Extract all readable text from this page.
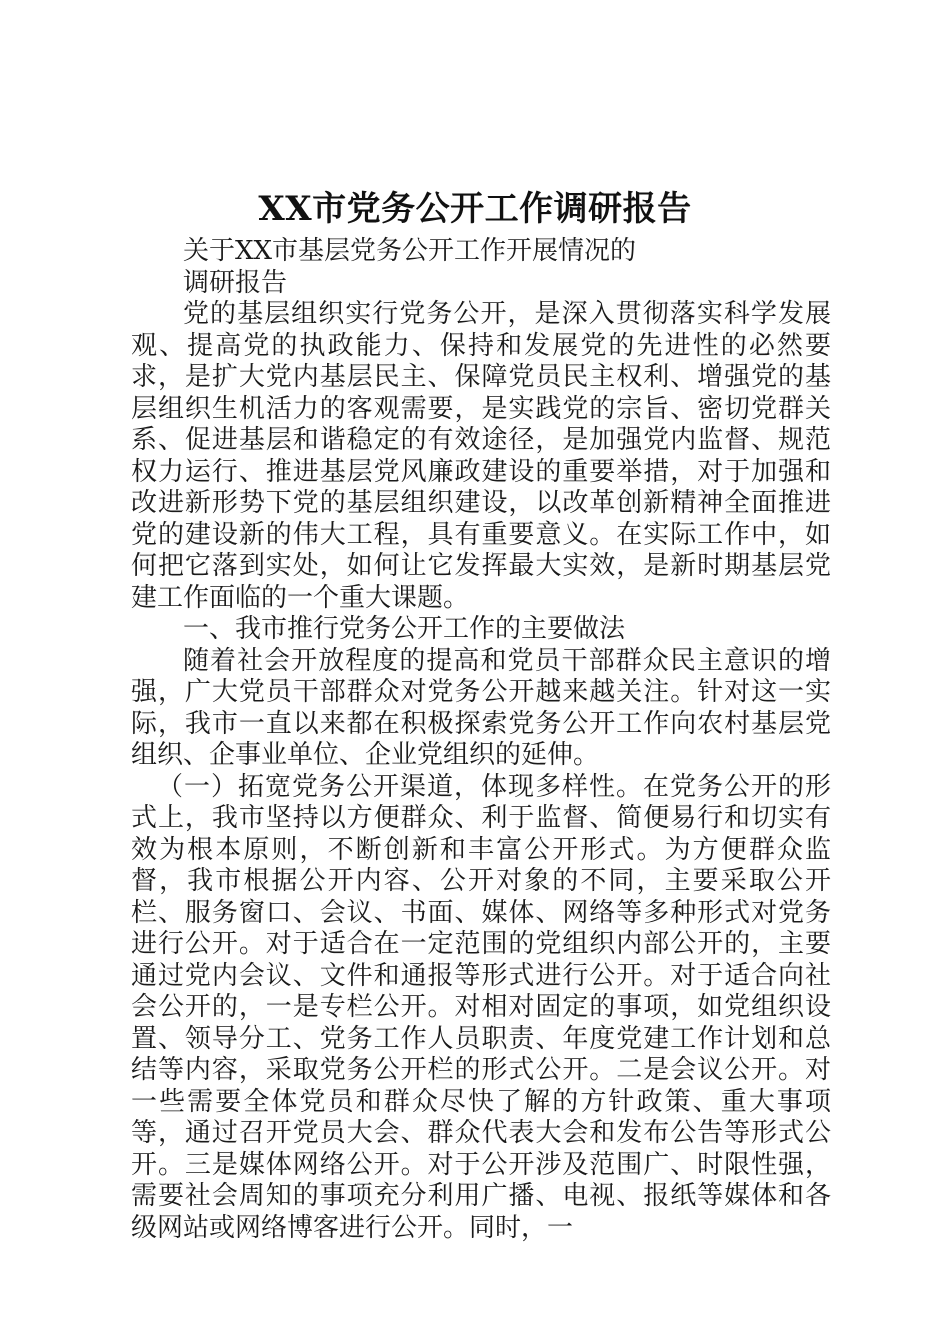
XX市党务公开工作调研报告

关于XX市基层党务公开工作开展情况的

调研报告

党的基层组织实行党务公开，是深入贯彻落实科学发展观、提高党的执政能力、保持和发展党的先进性的必然要求，是扩大党内基层民主、保障党员民主权利、增强党的基层组织生机活力的客观需要，是实践党的宗旨、密切党群关系、促进基层和谐稳定的有效途径，是加强党内监督、规范权力运行、推进基层党风廉政建设的重要举措，对于加强和改进新形势下党的基层组织建设，以改革创新精神全面推进党的建设新的伟大工程，具有重要意义。在实际工作中，如何把它落到实处，如何让它发挥最大实效，是新时期基层党建工作面临的一个重大课题。

一、我市推行党务公开工作的主要做法

随着社会开放程度的提高和党员干部群众民主意识的增强，广大党员干部群众对党务公开越来越关注。针对这一实际，我市一直以来都在积极探索党务公开工作向农村基层党组织、企事业单位、企业党组织的延伸。

（一）拓宽党务公开渠道，体现多样性。在党务公开的形式上，我市坚持以方便群众、利于监督、简便易行和切实有效为根本原则，不断创新和丰富公开形式。为方便群众监督，我市根据公开内容、公开对象的不同，主要采取公开栏、服务窗口、会议、书面、媒体、网络等多种形式对党务进行公开。对于适合在一定范围的党组织内部公开的，主要通过党内会议、文件和通报等形式进行公开。对于适合向社会公开的，一是专栏公开。对相对固定的事项，如党组织设置、领导分工、党务工作人员职责、年度党建工作计划和总结等内容，采取党务公开栏的形式公开。二是会议公开。对一些需要全体党员和群众尽快了解的方针政策、重大事项等，通过召开党员大会、群众代表大会和发布公告等形式公开。三是媒体网络公开。对于公开涉及范围广、时限性强，需要社会周知的事项充分利用广播、电视、报纸等媒体和各级网站或网络博客进行公开。同时，一
